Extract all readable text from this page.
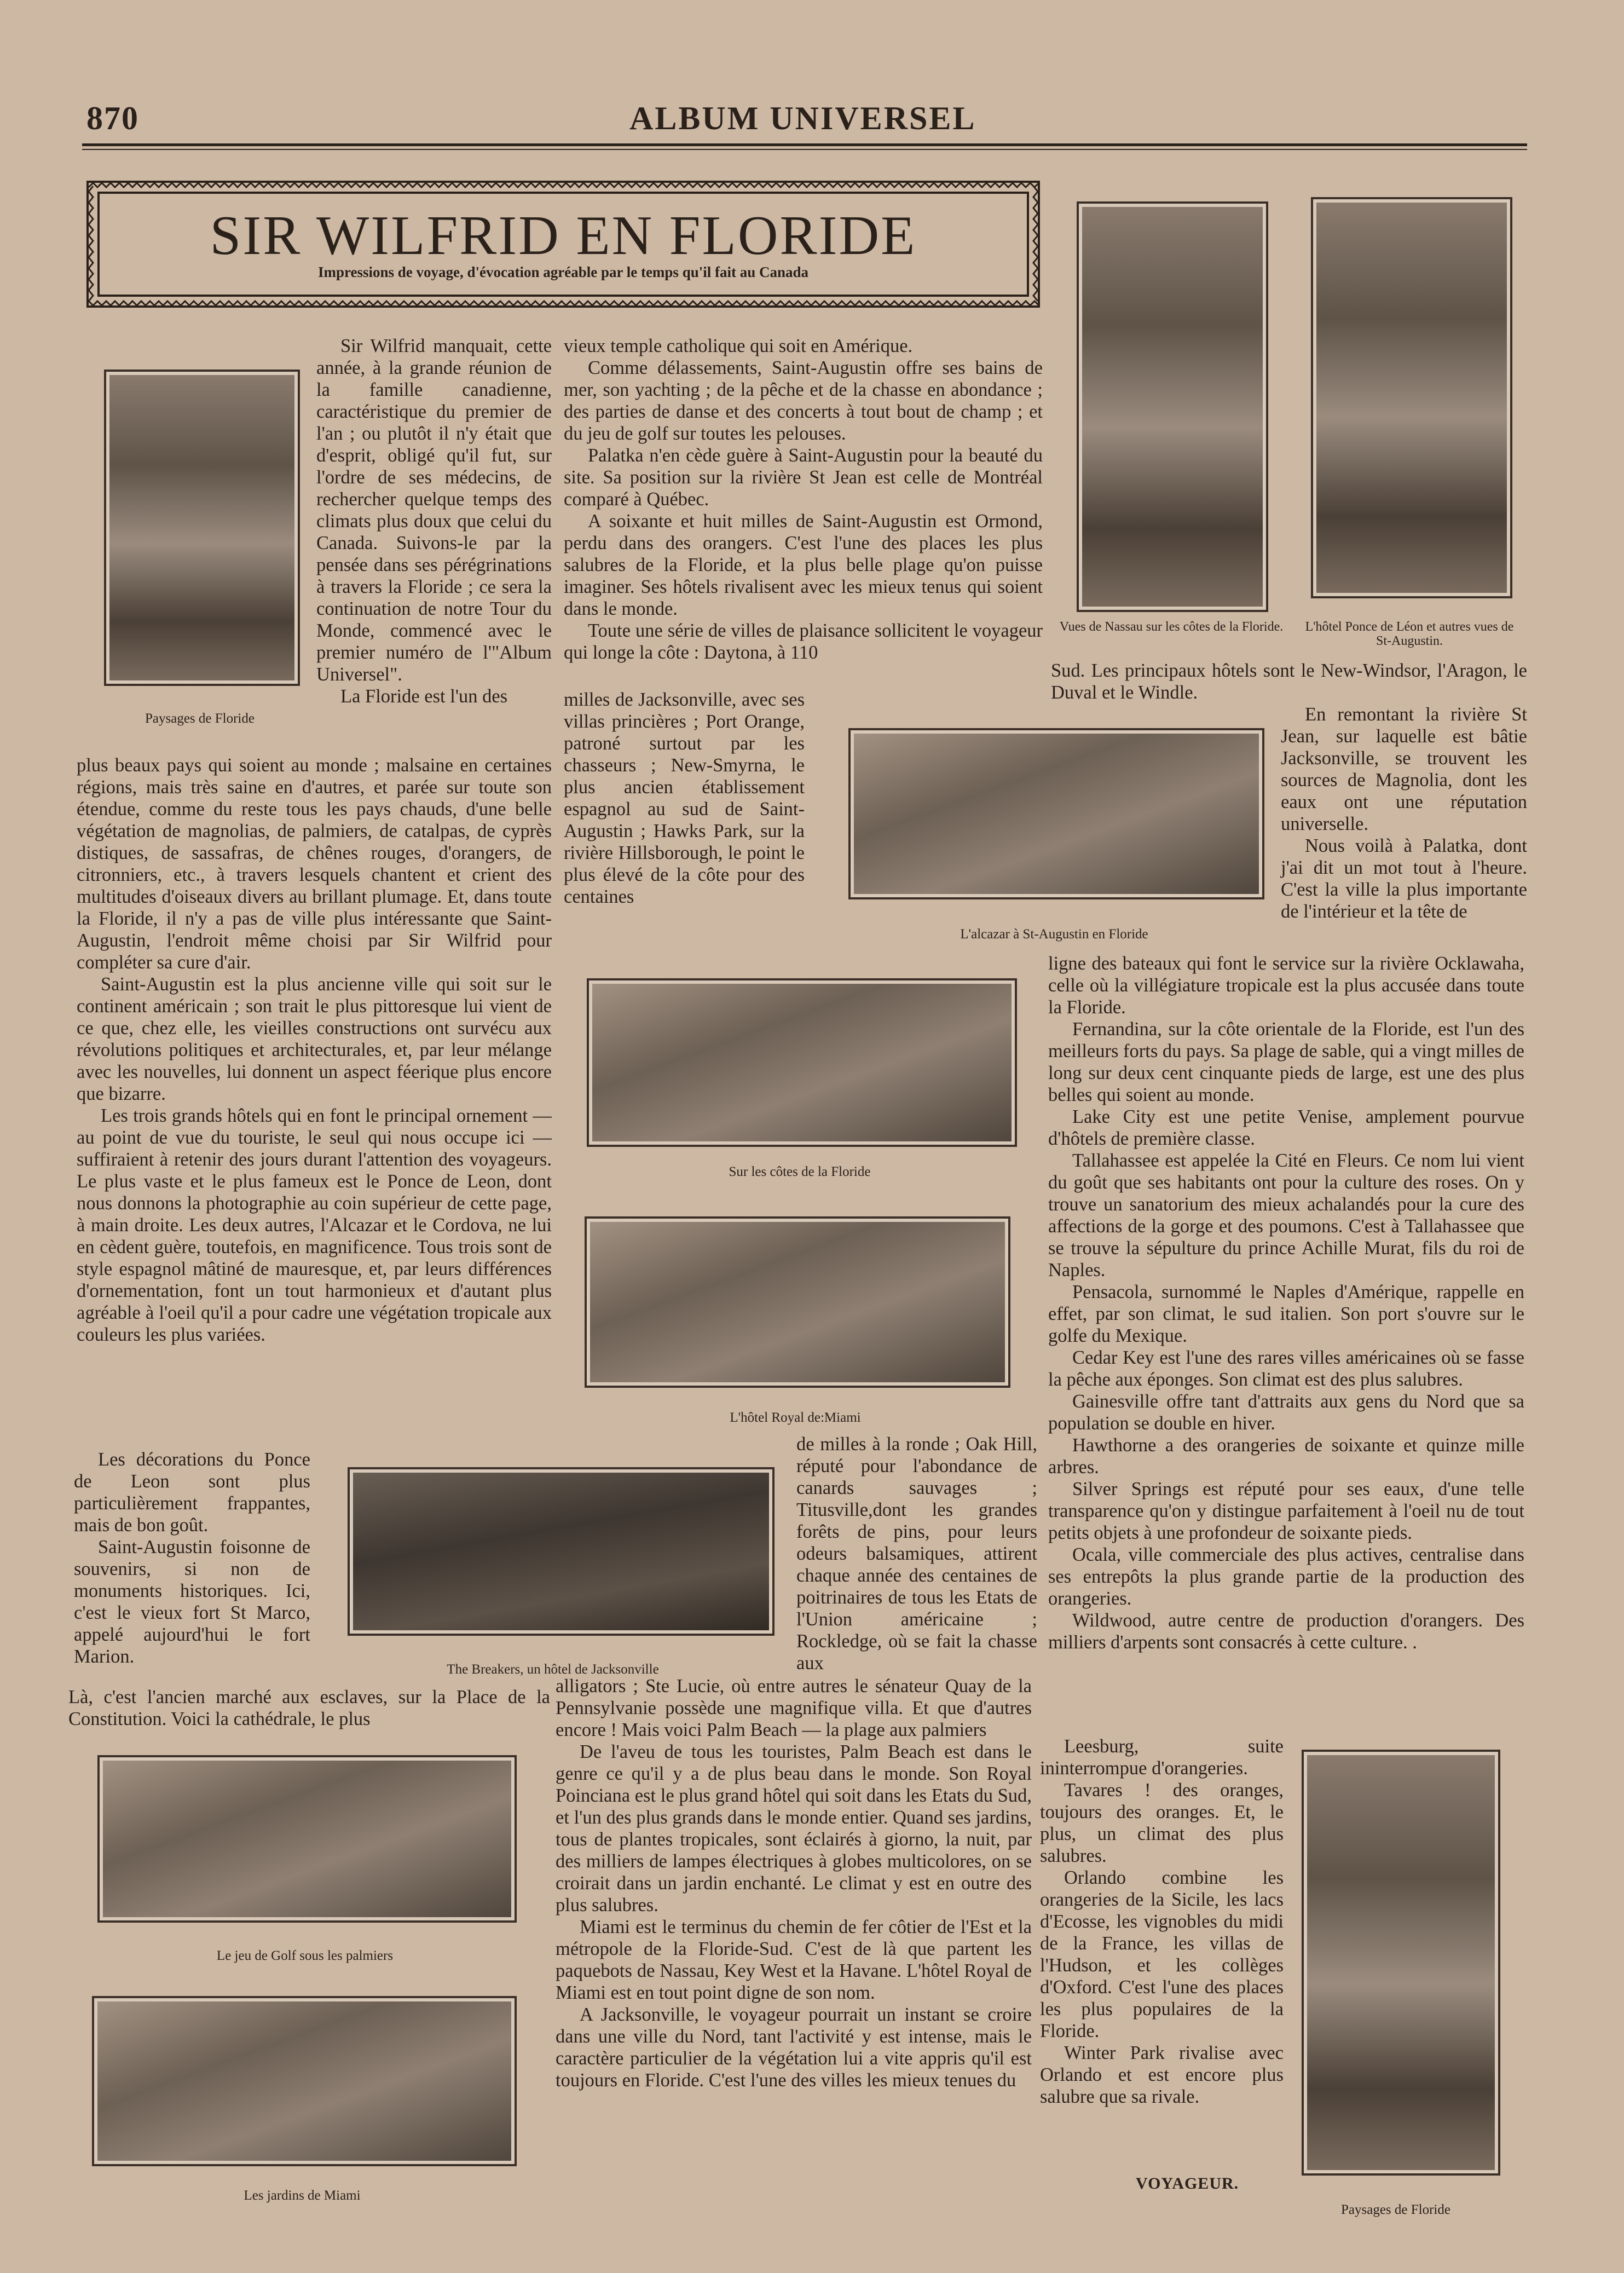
870	ALBUM UNIVERSEL
SIR WILFRID EN FLORIDE
Impressions de voyage, d'évocation agréable par le temps qu'il fait au Canada
Paysages de Floride
Vues de Nassau sur les côtes de la Floride.	L'hôtel Ponce de Léon et autres vues de St-Augustin.
L'alcazar à St-Augustin en Floride
Sur les côtes de la Floride
L'hôtel Royal de:Miami
The Breakers, un hôtel de Jacksonville
Le jeu de Golf sous les palmiers
Les jardins de Miami
Paysages de Floride

Sir Wilfrid manquait, cette année, à la grande réunion de la famille canadienne, caractéristique du premier de l'an ; ou plutôt il n'y était que d'esprit, obligé qu'il fut, sur l'ordre de ses médecins, de rechercher quelque temps des climats plus doux que celui du Canada. Suivons-le par la pensée dans ses pérégrinations à travers la Floride ; ce sera la continuation de notre Tour du Monde, commencé avec le premier numéro de l'"Album Universel".

La Floride est l'un des

plus beaux pays qui soient au monde ; malsaine en certaines régions, mais très saine en d'autres, et parée sur toute son étendue, comme du reste tous les pays chauds, d'une belle végétation de magnolias, de palmiers, de catalpas, de cyprès distiques, de sassafras, de chênes rouges, d'orangers, de citronniers, etc., à travers lesquels chantent et crient des multitudes d'oiseaux divers au brillant plumage. Et, dans toute la Floride, il n'y a pas de ville plus intéressante que Saint-Augustin, l'endroit même choisi par Sir Wilfrid pour compléter sa cure d'air.

Saint-Augustin est la plus ancienne ville qui soit sur le continent américain ; son trait le plus pittoresque lui vient de ce que, chez elle, les vieilles constructions ont survécu aux révolutions politiques et architecturales, et, par leur mélange avec les nouvelles, lui donnent un aspect féerique plus encore que bizarre.

Les trois grands hôtels qui en font le principal ornement — au point de vue du touriste, le seul qui nous occupe ici — suffiraient à retenir des jours durant l'attention des voyageurs. Le plus vaste et le plus fameux est le Ponce de Leon, dont nous donnons la photographie au coin supérieur de cette page, à main droite. Les deux autres, l'Alcazar et le Cordova, ne lui en cèdent guère, toutefois, en magnificence. Tous trois sont de style espagnol mâtiné de mauresque, et, par leurs différences d'ornementation, font un tout harmonieux et d'autant plus agréable à l'oeil qu'il a pour cadre une végétation tropicale aux couleurs les plus variées.

Les décorations du Ponce de Leon sont plus particulièrement frappantes, mais de bon goût.

Saint-Augustin foisonne de souvenirs, si non de monuments historiques. Ici, c'est le vieux fort St Marco, appelé aujourd'hui le fort Marion.

Là, c'est l'ancien marché aux esclaves, sur la Place de la Constitution. Voici la cathédrale, le plus

vieux temple catholique qui soit en Amérique.

Comme délassements, Saint-Augustin offre ses bains de mer, son yachting ; de la pêche et de la chasse en abondance ; des parties de danse et des concerts à tout bout de champ ; et du jeu de golf sur toutes les pelouses.

Palatka n'en cède guère à Saint-Augustin pour la beauté du site. Sa position sur la rivière St Jean est celle de Montréal comparé à Québec.

A soixante et huit milles de Saint-Augustin est Ormond, perdu dans des orangers. C'est l'une des places les plus salubres de la Floride, et la plus belle plage qu'on puisse imaginer. Ses hôtels rivalisent avec les mieux tenus qui soient dans le monde.

Toute une série de villes de plaisance sollicitent le voyageur qui longe la côte : Daytona, à 110

milles de Jacksonville, avec ses villas princières ; Port Orange, patroné surtout par les chasseurs ; New-Smyrna, le plus ancien établissement espagnol au sud de Saint-Augustin ; Hawks Park, sur la rivière Hillsborough, le point le plus élevé de la côte pour des centaines

de milles à la ronde ; Oak Hill, réputé pour l'abondance de canards sauvages ; Titusville,dont les grandes forêts de pins, pour leurs odeurs balsamiques, attirent chaque année des centaines de poitrinaires de tous les Etats de l'Union américaine ; Rockledge, où se fait la chasse aux

alligators ; Ste Lucie, où entre autres le sénateur Quay de la Pennsylvanie possède une magnifique villa. Et que d'autres encore ! Mais voici Palm Beach — la plage aux palmiers

De l'aveu de tous les touristes, Palm Beach est dans le genre ce qu'il y a de plus beau dans le monde. Son Royal Poinciana est le plus grand hôtel qui soit dans les Etats du Sud, et l'un des plus grands dans le monde entier. Quand ses jardins, tous de plantes tropicales, sont éclairés à giorno, la nuit, par des milliers de lampes électriques à globes multicolores, on se croirait dans un jardin enchanté. Le climat y est en outre des plus salubres.

Miami est le terminus du chemin de fer côtier de l'Est et la métropole de la Floride-Sud. C'est de là que partent les paquebots de Nassau, Key West et la Havane. L'hôtel Royal de Miami est en tout point digne de son nom.

A Jacksonville, le voyageur pourrait un instant se croire dans une ville du Nord, tant l'activité y est intense, mais le caractère particulier de la végétation lui a vite appris qu'il est toujours en Floride. C'est l'une des villes les mieux tenues du

Sud. Les principaux hôtels sont le New-Windsor, l'Aragon, le Duval et le Windle.

En remontant la rivière St Jean, sur laquelle est bâtie Jacksonville, se trouvent les sources de Magnolia, dont les eaux ont une réputation universelle.

Nous voilà à Palatka, dont j'ai dit un mot tout à l'heure. C'est la ville la plus importante de l'intérieur et la tête de

ligne des bateaux qui font le service sur la rivière Ocklawaha, celle où la villégiature tropicale est la plus accusée dans toute la Floride.

Fernandina, sur la côte orientale de la Floride, est l'un des meilleurs forts du pays. Sa plage de sable, qui a vingt milles de long sur deux cent cinquante pieds de large, est une des plus belles qui soient au monde.

Lake City est une petite Venise, amplement pourvue d'hôtels de première classe.

Tallahassee est appelée la Cité en Fleurs. Ce nom lui vient du goût que ses habitants ont pour la culture des roses. On y trouve un sanatorium des mieux achalandés pour la cure des affections de la gorge et des poumons. C'est à Tallahassee que se trouve la sépulture du prince Achille Murat, fils du roi de Naples.

Pensacola, surnommé le Naples d'Amérique, rappelle en effet, par son climat, le sud italien. Son port s'ouvre sur le golfe du Mexique.

Cedar Key est l'une des rares villes américaines où se fasse la pêche aux éponges. Son climat est des plus salubres.

Gainesville offre tant d'attraits aux gens du Nord que sa population se double en hiver.

Hawthorne a des orangeries de soixante et quinze mille arbres.

Silver Springs est réputé pour ses eaux, d'une telle transparence qu'on y distingue parfaitement à l'oeil nu de tout petits objets à une profondeur de soixante pieds.

Ocala, ville commerciale des plus actives, centralise dans ses entrepôts la plus grande partie de la production des orangeries.

Wildwood, autre centre de production d'orangers. Des milliers d'arpents sont consacrés à cette culture. .

Leesburg, suite ininterrompue d'orangeries.

Tavares ! des oranges, toujours des oranges. Et, le plus, un climat des plus salubres.

Orlando combine les orangeries de la Sicile, les lacs d'Ecosse, les vignobles du midi de la France, les villas de l'Hudson, et les collèges d'Oxford. C'est l'une des places les plus populaires de la Floride.

Winter Park rivalise avec Orlando et est encore plus salubre que sa rivale.

VOYAGEUR.
